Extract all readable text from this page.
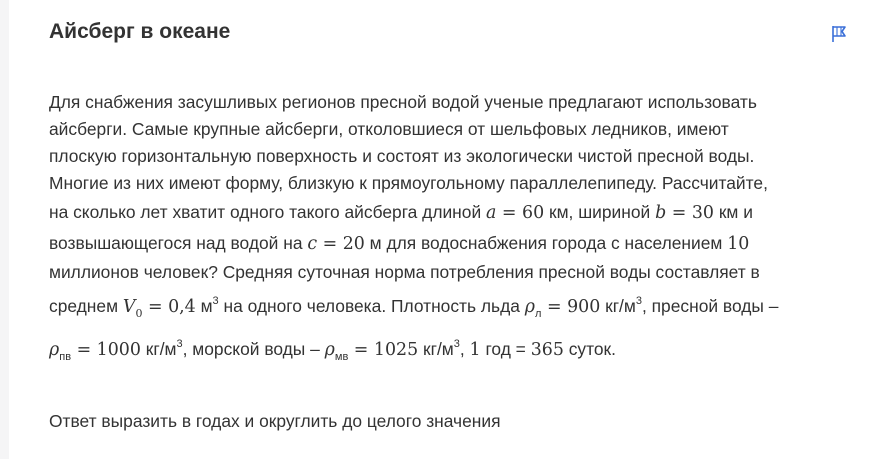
Айсберг в океане
Для снабжения засушливых регионов пресной водой ученые предлагают использовать
айсберги. Самые крупные айсберги, отколовшиеся от шельфовых ледников, имеют
плоскую горизонтальную поверхность и состоят из экологически чистой пресной воды.
Многие из них имеют форму, близкую к прямоугольному параллелепипеду. Рассчитайте,
на сколько лет хватит одного такого айсберга длиной a = 60 км, шириной b = 30 км и
возвышающегося над водой на c = 20 м для водоснабжения города с населением 10
миллионов человек? Средняя суточная норма потребления пресной воды составляет в
среднем $V_0 = 0,4$ $м^3$ на одного человека. Плотность льда $\rho_л = 900$ $кг/м^3$, пресной воды –
$\rho_{пв} = 1000$ $кг/м^3$, морской воды – $\rho_{мв} = 1025$ $кг/м^3$, 1 год = 365 суток.

Ответ выразить в годах и округлить до целого значения
